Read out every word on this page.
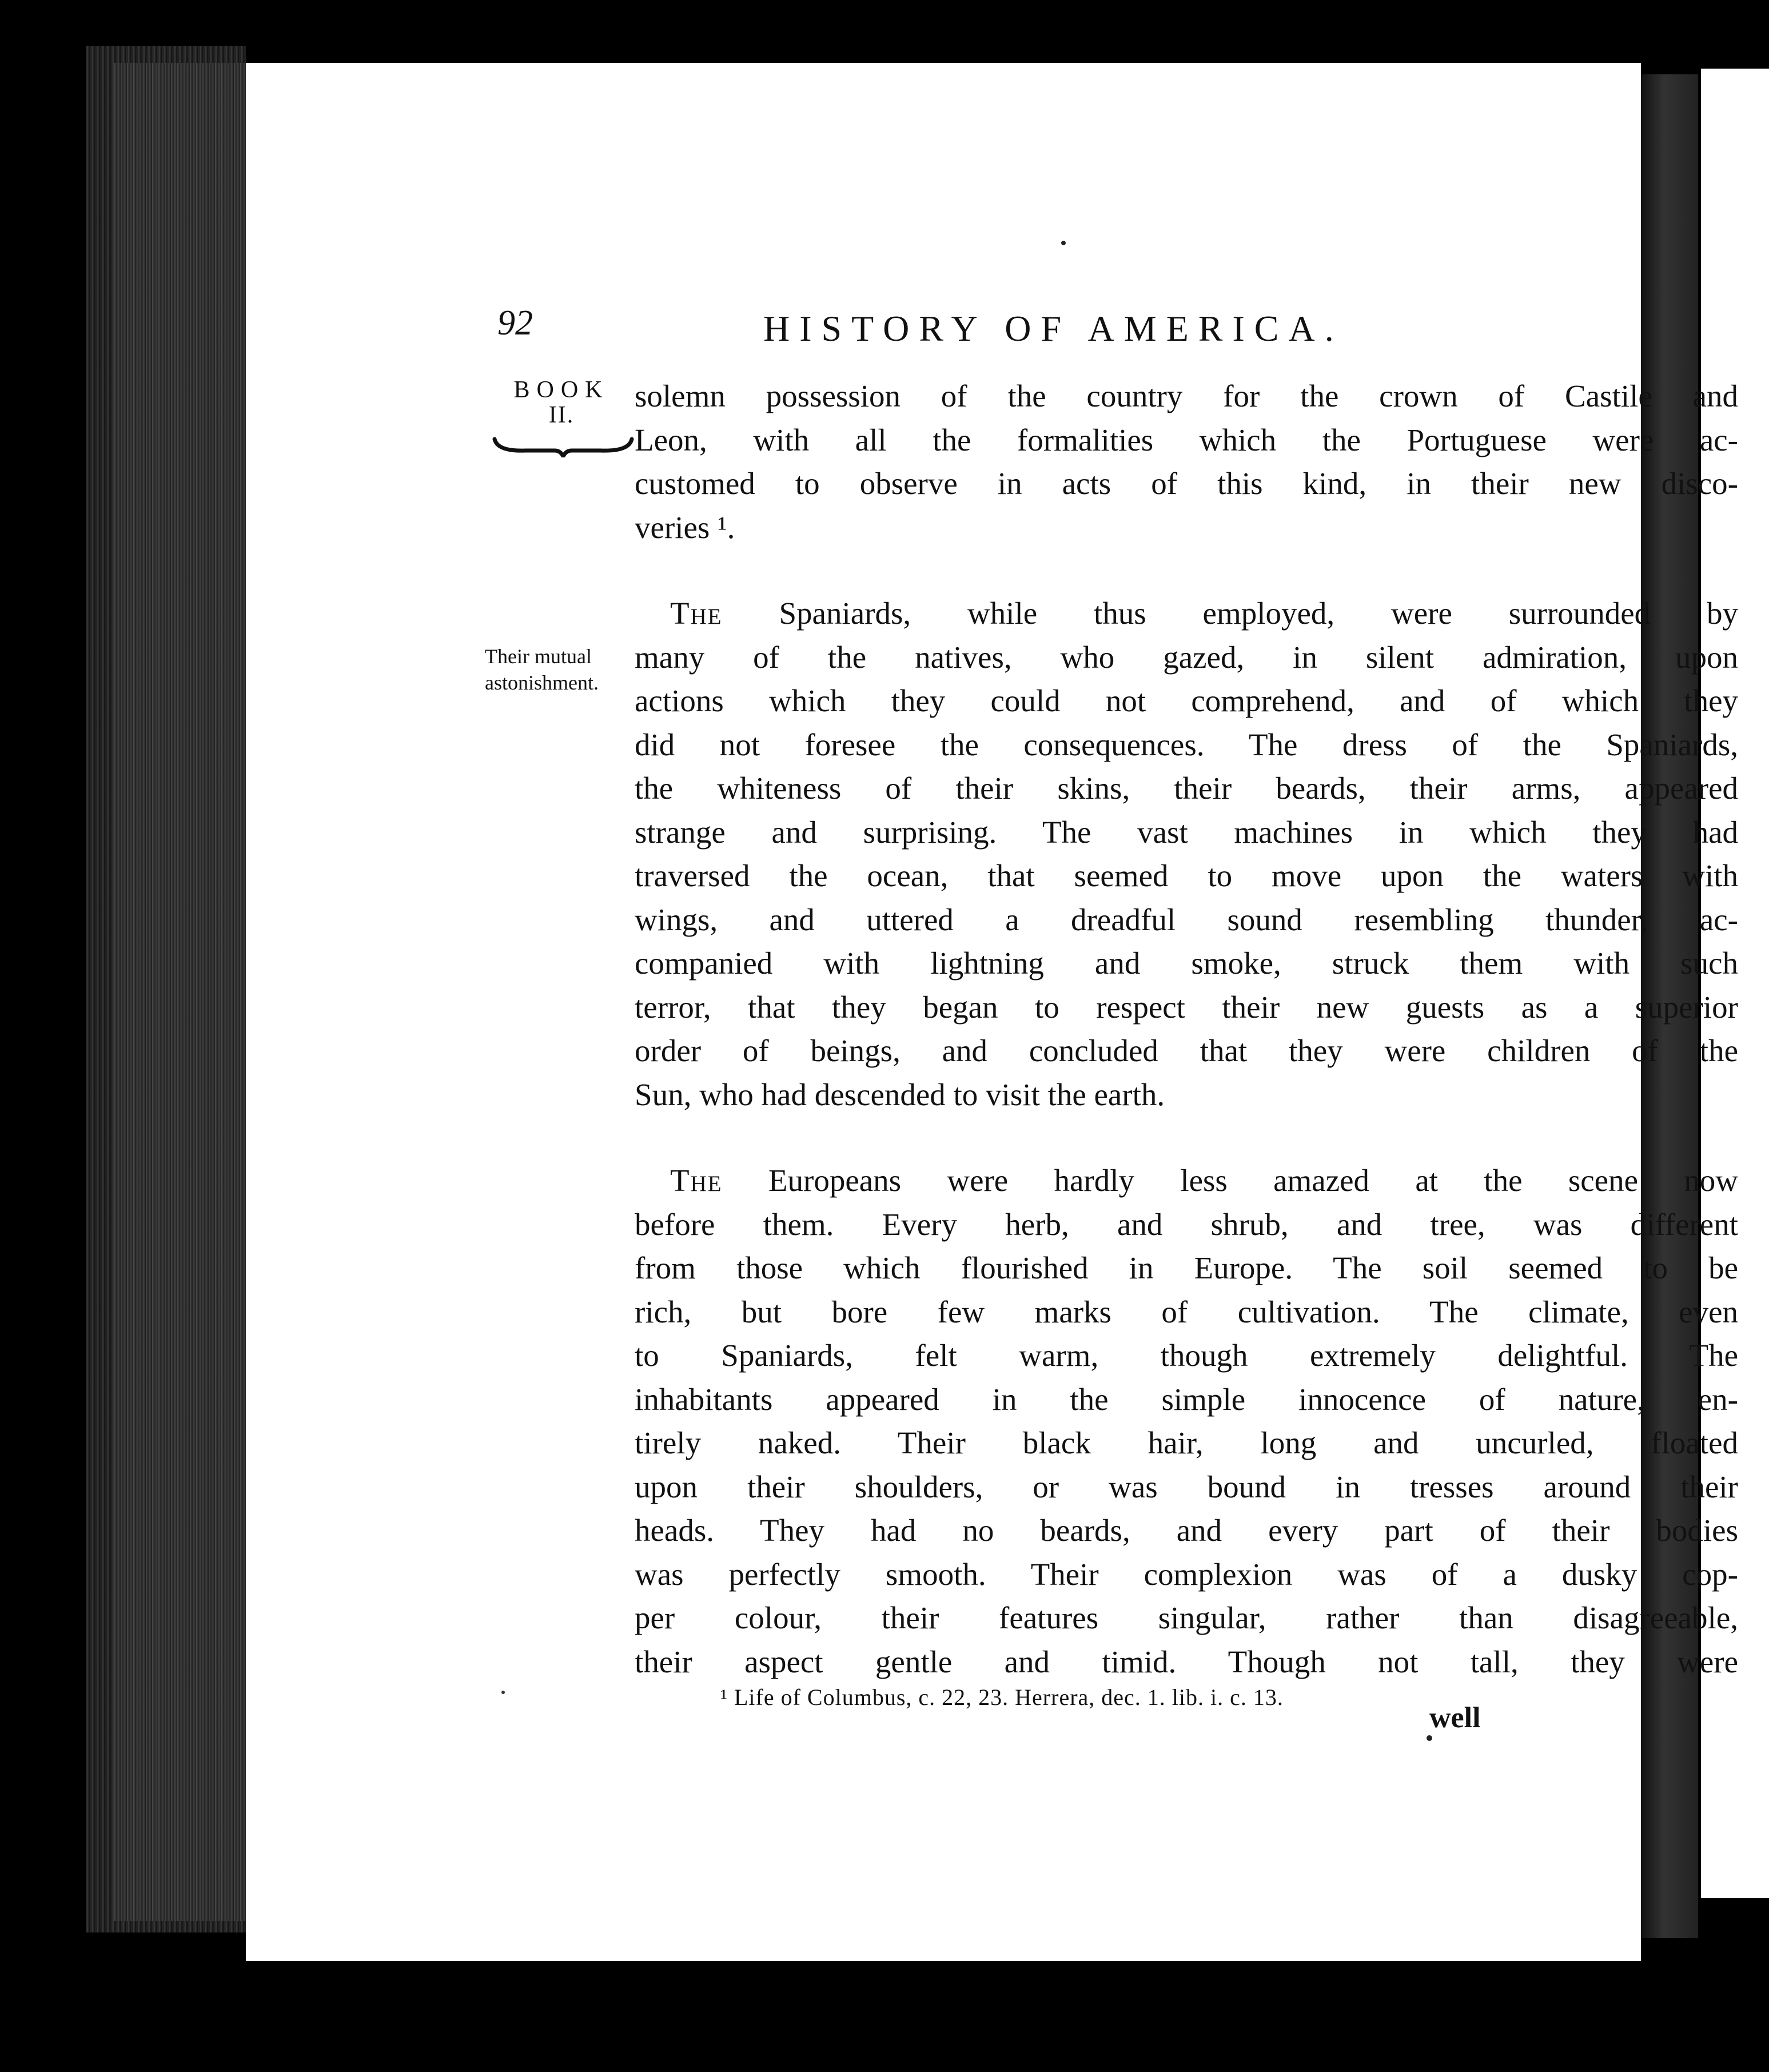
92	HISTORY OF AMERICA.
BOOK
II.
Their mutual astonishment.

solemn possession of the country for the crown of Castile and
Leon, with all the formalities which the Portuguese were ac-
customed to observe in acts of this kind, in their new disco-
veries ¹.

The Spaniards, while thus employed, were surrounded by
many of the natives, who gazed, in silent admiration, upon
actions which they could not comprehend, and of which they
did not foresee the consequences. The dress of the Spaniards,
the whiteness of their skins, their beards, their arms, appeared
strange and surprising. The vast machines in which they had
traversed the ocean, that seemed to move upon the waters with
wings, and uttered a dreadful sound resembling thunder, ac-
companied with lightning and smoke, struck them with such
terror, that they began to respect their new guests as a superior
order of beings, and concluded that they were children of the
Sun, who had descended to visit the earth.

The Europeans were hardly less amazed at the scene now
before them. Every herb, and shrub, and tree, was different
from those which flourished in Europe. The soil seemed to be
rich, but bore few marks of cultivation. The climate, even
to Spaniards, felt warm, though extremely delightful. The
inhabitants appeared in the simple innocence of nature, en-
tirely naked. Their black hair, long and uncurled, floated
upon their shoulders, or was bound in tresses around their
heads. They had no beards, and every part of their bodies
was perfectly smooth. Their complexion was of a dusky cop-
per colour, their features singular, rather than disagreeable,
their aspect gentle and timid. Though not tall, they were

¹ Life of Columbus, c. 22, 23. Herrera, dec. 1. lib. i. c. 13.
well
